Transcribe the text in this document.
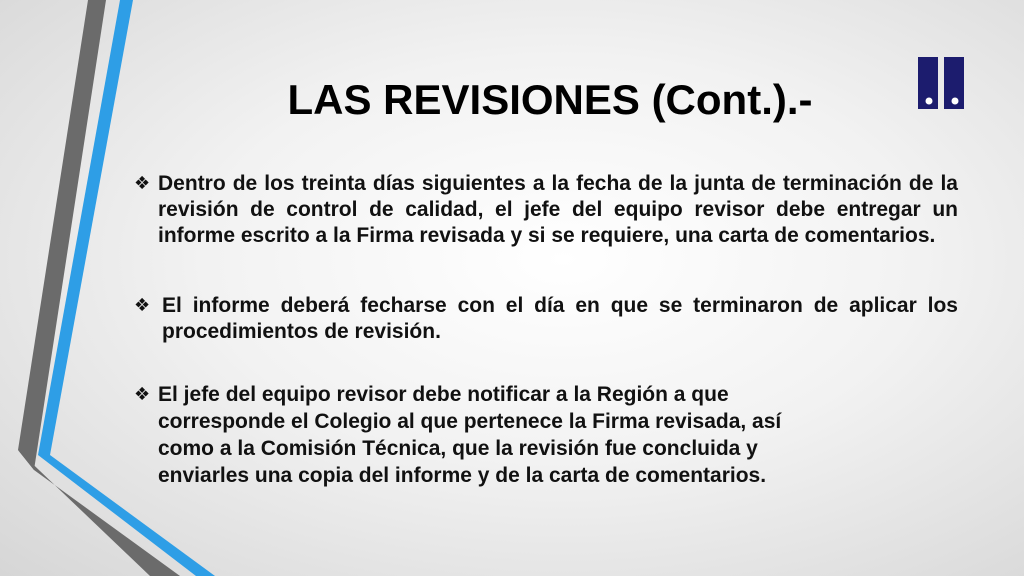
LAS REVISIONES (Cont.).-
❖ Dentro de los treinta días siguientes a la fecha de la junta de terminación de la revisión de control de calidad, el jefe del equipo revisor debe entregar un informe escrito a la Firma revisada y si se requiere, una carta de comentarios.
❖ El informe deberá fecharse con el día en que se terminaron de aplicar los procedimientos de revisión.
❖ El jefe del equipo revisor debe notificar a la Región a que
corresponde el Colegio al que pertenece la Firma revisada, así
como a la Comisión Técnica, que la revisión fue concluida y
enviarles una copia del informe y de la carta de comentarios.
